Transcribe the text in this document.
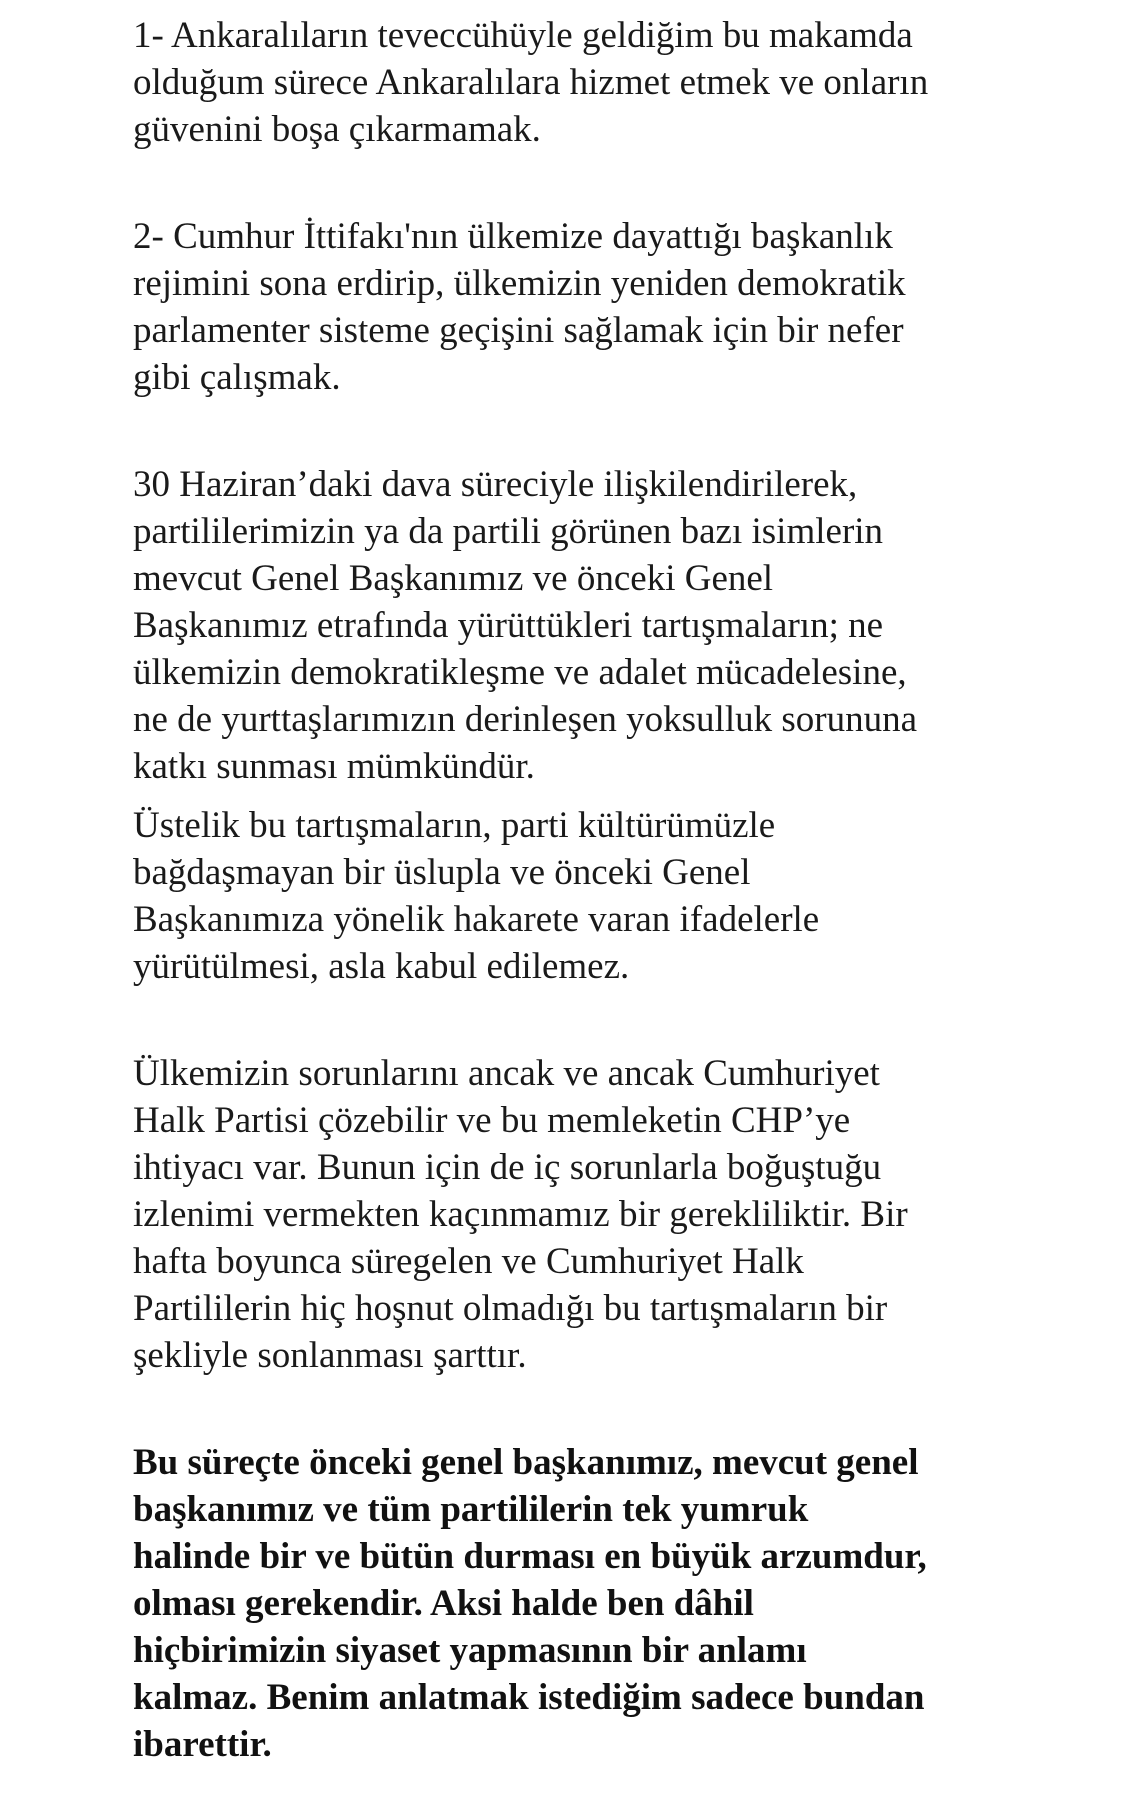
1- Ankaralıların teveccühüyle geldiğim bu makamda
olduğum sürece Ankaralılara hizmet etmek ve onların
güvenini boşa çıkarmamak.

2- Cumhur İttifakı'nın ülkemize dayattığı başkanlık
rejimini sona erdirip, ülkemizin yeniden demokratik
parlamenter sisteme geçişini sağlamak için bir nefer
gibi çalışmak.

30 Haziran’daki dava süreciyle ilişkilendirilerek,
partililerimizin ya da partili görünen bazı isimlerin
mevcut Genel Başkanımız ve önceki Genel
Başkanımız etrafında yürüttükleri tartışmaların; ne
ülkemizin demokratikleşme ve adalet mücadelesine,
ne de yurttaşlarımızın derinleşen yoksulluk sorununa
katkı sunması mümkündür.

Üstelik bu tartışmaların, parti kültürümüzle
bağdaşmayan bir üslupla ve önceki Genel
Başkanımıza yönelik hakarete varan ifadelerle
yürütülmesi, asla kabul edilemez.

Ülkemizin sorunlarını ancak ve ancak Cumhuriyet
Halk Partisi çözebilir ve bu memleketin CHP’ye
ihtiyacı var. Bunun için de iç sorunlarla boğuştuğu
izlenimi vermekten kaçınmamız bir gerekliliktir. Bir
hafta boyunca süregelen ve Cumhuriyet Halk
Partililerin hiç hoşnut olmadığı bu tartışmaların bir
şekliyle sonlanması şarttır.

Bu süreçte önceki genel başkanımız, mevcut genel
başkanımız ve tüm partililerin tek yumruk
halinde bir ve bütün durması en büyük arzumdur,
olması gerekendir. Aksi halde ben dâhil
hiçbirimizin siyaset yapmasının bir anlamı
kalmaz. Benim anlatmak istediğim sadece bundan
ibarettir.
